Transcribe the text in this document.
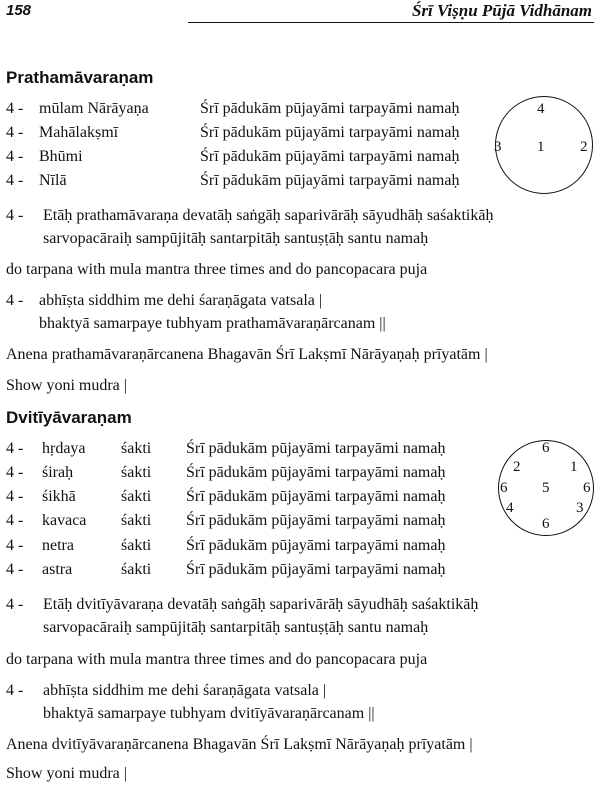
158	Śrī Viṣṇu Pūjā Vidhānam
Prathamāvaraṇam
4 - mūlam Nārāyaṇa	Śrī pādukām pūjayāmi tarpayāmi namaḥ
4 - Mahālakṣmī	Śrī pādukām pūjayāmi tarpayāmi namaḥ
4 - Bhūmi	Śrī pādukām pūjayāmi tarpayāmi namaḥ
4 - Nīlā	Śrī pādukām pūjayāmi tarpayāmi namaḥ
4
3 1 2
4 - Etāḥ prathamāvaraṇa devatāḥ saṅgāḥ saparivārāḥ sāyudhāḥ saśaktikāḥ
sarvopacāraiḥ sampūjitāḥ santarpitāḥ santuṣṭāḥ santu namaḥ
do tarpana with mula mantra three times and do pancopacara puja
4 - abhīṣta siddhim me dehi śaraṇāgata vatsala |
bhaktyā samarpaye tubhyam prathamāvaraṇārcanam ||
Anena prathamāvaraṇārcanena Bhagavān Śrī Lakṣmī Nārāyaṇaḥ prīyatām |
Show yoni mudra |
Dvitīyāvaraṇam
4 - hṛdaya śakti Śrī pādukām pūjayāmi tarpayāmi namaḥ
4 - śiraḥ	śakti Śrī pādukām pūjayāmi tarpayāmi namaḥ
4 - śikhā	śakti Śrī pādukām pūjayāmi tarpayāmi namaḥ
4 - kavaca śakti Śrī pādukām pūjayāmi tarpayāmi namaḥ
4 - netra	śakti Śrī pādukām pūjayāmi tarpayāmi namaḥ
4 - astra	śakti Śrī pādukām pūjayāmi tarpayāmi namaḥ
6
2	1
6 5 6
4	3
6
4 - Etāḥ dvitīyāvaraṇa devatāḥ saṅgāḥ saparivārāḥ sāyudhāḥ saśaktikāḥ
sarvopacāraiḥ sampūjitāḥ santarpitāḥ santuṣṭāḥ santu namaḥ
do tarpana with mula mantra three times and do pancopacara puja
4 - abhīṣta siddhim me dehi śaraṇāgata vatsala |
bhaktyā samarpaye tubhyam dvitīyāvaraṇārcanam ||
Anena dvitīyāvaraṇārcanena Bhagavān Śrī Lakṣmī Nārāyaṇaḥ prīyatām |
Show yoni mudra |
